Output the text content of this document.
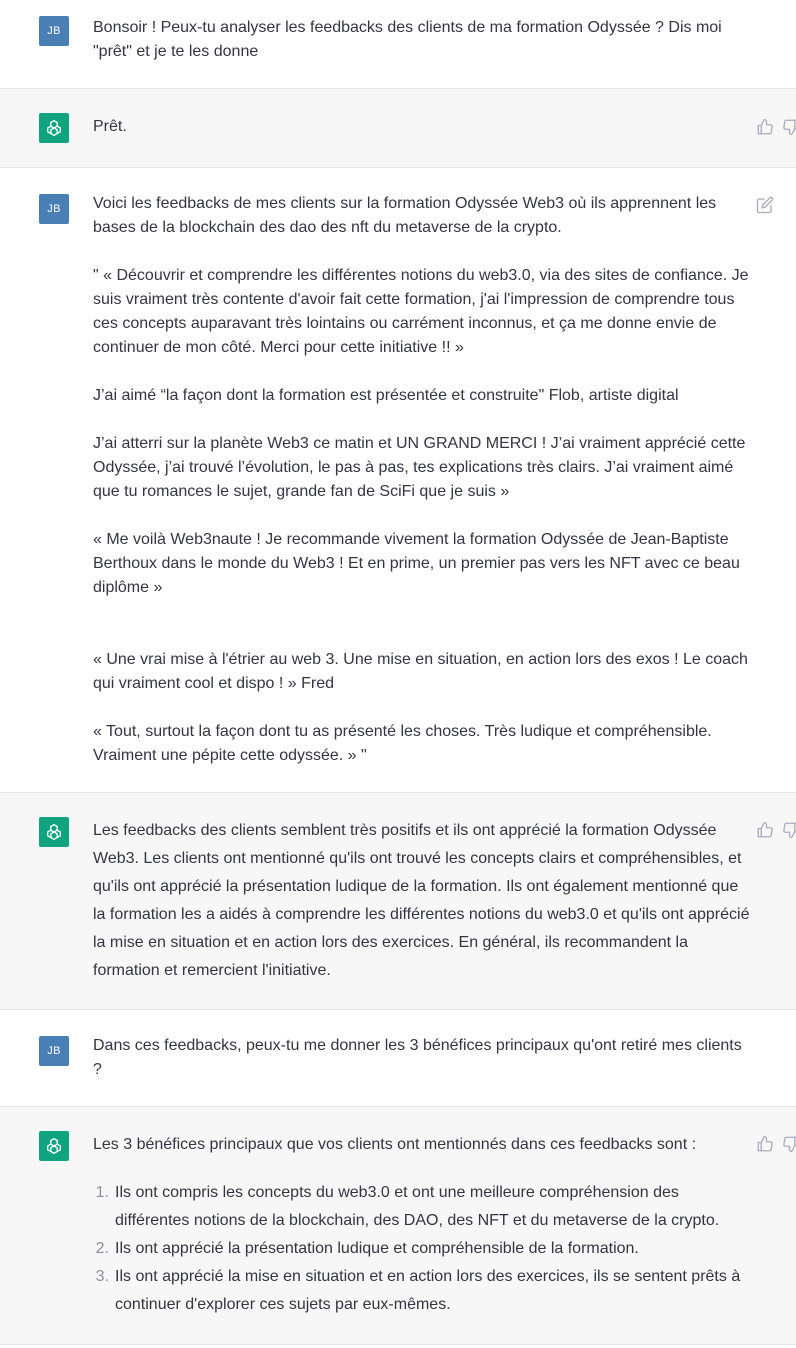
JB Bonsoir ! Peux-tu analyser les feedbacks des clients de ma formation Odyssée ? Dis moi "prêt" et je te les donne

Prêt.

JB Voici les feedbacks de mes clients sur la formation Odyssée Web3 où ils apprennent les bases de la blockchain des dao des nft du metaverse de la crypto.

" « Découvrir et comprendre les différentes notions du web3.0, via des sites de confiance. Je suis vraiment très contente d'avoir fait cette formation, j'ai l'impression de comprendre tous ces concepts auparavant très lointains ou carrément inconnus, et ça me donne envie de continuer de mon côté. Merci pour cette initiative !! »

J’ai aimé “la façon dont la formation est présentée et construite" Flob, artiste digital

J’ai atterri sur la planète Web3 ce matin et UN GRAND MERCI ! J’ai vraiment apprécié cette Odyssée, j’ai trouvé l’évolution, le pas à pas, tes explications très clairs. J’ai vraiment aimé que tu romances le sujet, grande fan de SciFi que je suis »

« Me voilà Web3naute ! Je recommande vivement la formation Odyssée de Jean-Baptiste Berthoux dans le monde du Web3 ! Et en prime, un premier pas vers les NFT avec ce beau diplôme »

« Une vrai mise à l'étrier au web 3. Une mise en situation, en action lors des exos ! Le coach qui vraiment cool et dispo ! » Fred

« Tout, surtout la façon dont tu as présenté les choses. Très ludique et compréhensible. Vraiment une pépite cette odyssée. » "

Les feedbacks des clients semblent très positifs et ils ont apprécié la formation Odyssée Web3. Les clients ont mentionné qu'ils ont trouvé les concepts clairs et compréhensibles, et qu'ils ont apprécié la présentation ludique de la formation. Ils ont également mentionné que la formation les a aidés à comprendre les différentes notions du web3.0 et qu'ils ont apprécié la mise en situation et en action lors des exercices. En général, ils recommandent la formation et remercient l'initiative.

JB Dans ces feedbacks, peux-tu me donner les 3 bénéfices principaux qu'ont retiré mes clients ?

Les 3 bénéfices principaux que vos clients ont mentionnés dans ces feedbacks sont :

1. Ils ont compris les concepts du web3.0 et ont une meilleure compréhension des différentes notions de la blockchain, des DAO, des NFT et du metaverse de la crypto.
2. Ils ont apprécié la présentation ludique et compréhensible de la formation.
3. Ils ont apprécié la mise en situation et en action lors des exercices, ils se sentent prêts à continuer d'explorer ces sujets par eux-mêmes.
